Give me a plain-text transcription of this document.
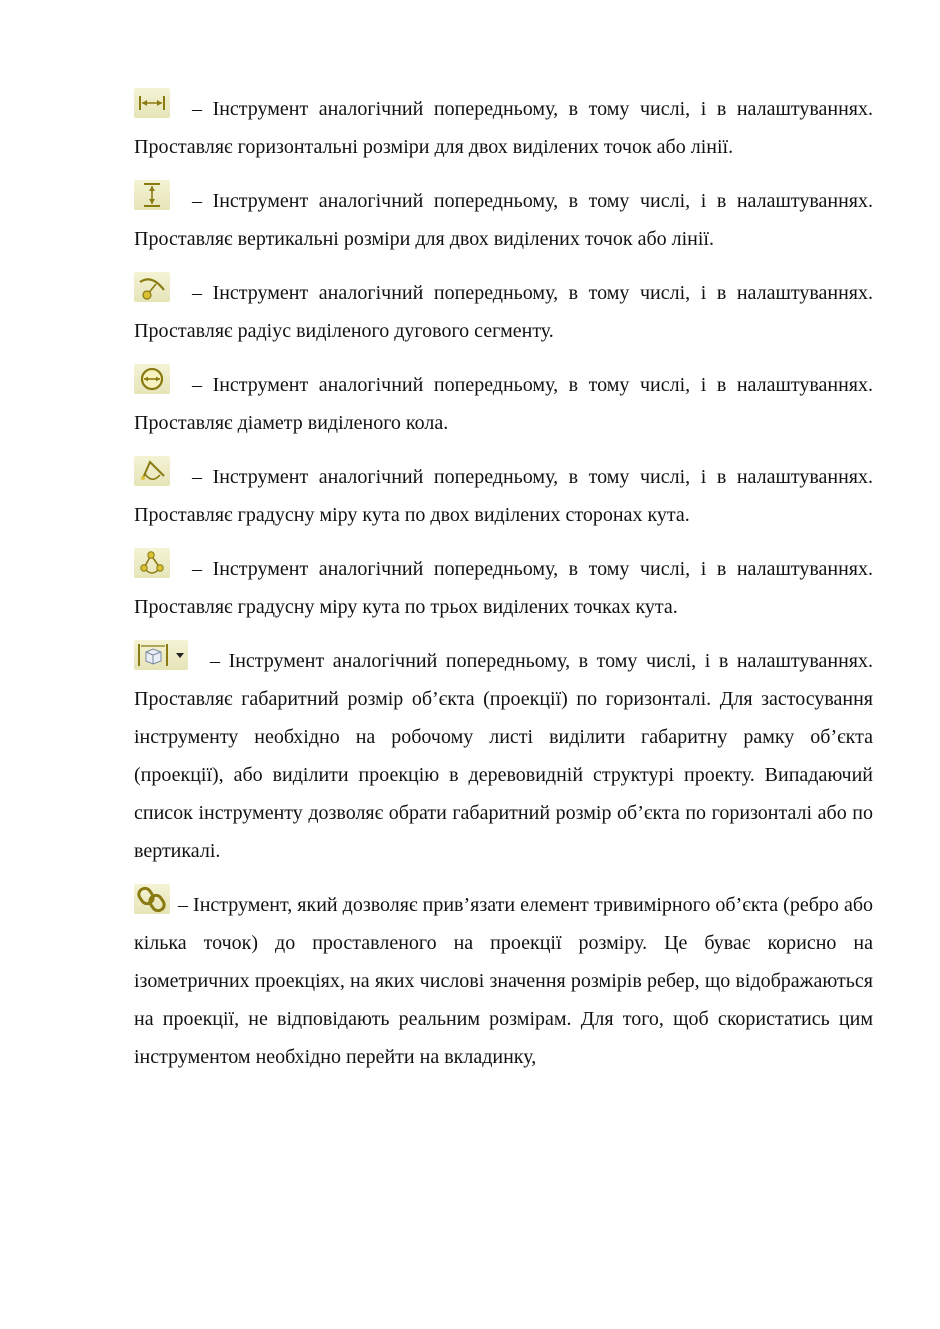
– Інструмент аналогічний попередньому, в тому числі, і в налаштуваннях. Проставляє горизонтальні розміри для двох виділених точок або лінії.

– Інструмент аналогічний попередньому, в тому числі, і в налаштуваннях. Проставляє вертикальні розміри для двох виділених точок або лінії.

– Інструмент аналогічний попередньому, в тому числі, і в налаштуваннях. Проставляє радіус виділеного дугового сегменту.

– Інструмент аналогічний попередньому, в тому числі, і в налаштуваннях. Проставляє діаметр виділеного кола.

– Інструмент аналогічний попередньому, в тому числі, і в налаштуваннях. Проставляє градусну міру кута по двох виділених сторонах кута.

– Інструмент аналогічний попередньому, в тому числі, і в налаштуваннях. Проставляє градусну міру кута по трьох виділених точках кута.

– Інструмент аналогічний попередньому, в тому числі, і в налаштуваннях. Проставляє габаритний розмір об’єкта (проекції) по горизонталі. Для застосування інструменту необхідно на робочому листі виділити габаритну рамку об’єкта (проекції), або виділити проекцію в деревовидній структурі проекту. Випадаючий список інструменту дозволяє обрати габаритний розмір об’єкта по горизонталі або по вертикалі.

– Інструмент, який дозволяє прив’язати елемент тривимірного об’єкта (ребро або кілька точок) до проставленого на проекції розміру. Це буває корисно на ізометричних проекціях, на яких числові значення розмірів ребер, що відображаються на проекції, не відповідають реальним розмірам. Для того, щоб скористатись цим інструментом необхідно перейти на вкладинку,
